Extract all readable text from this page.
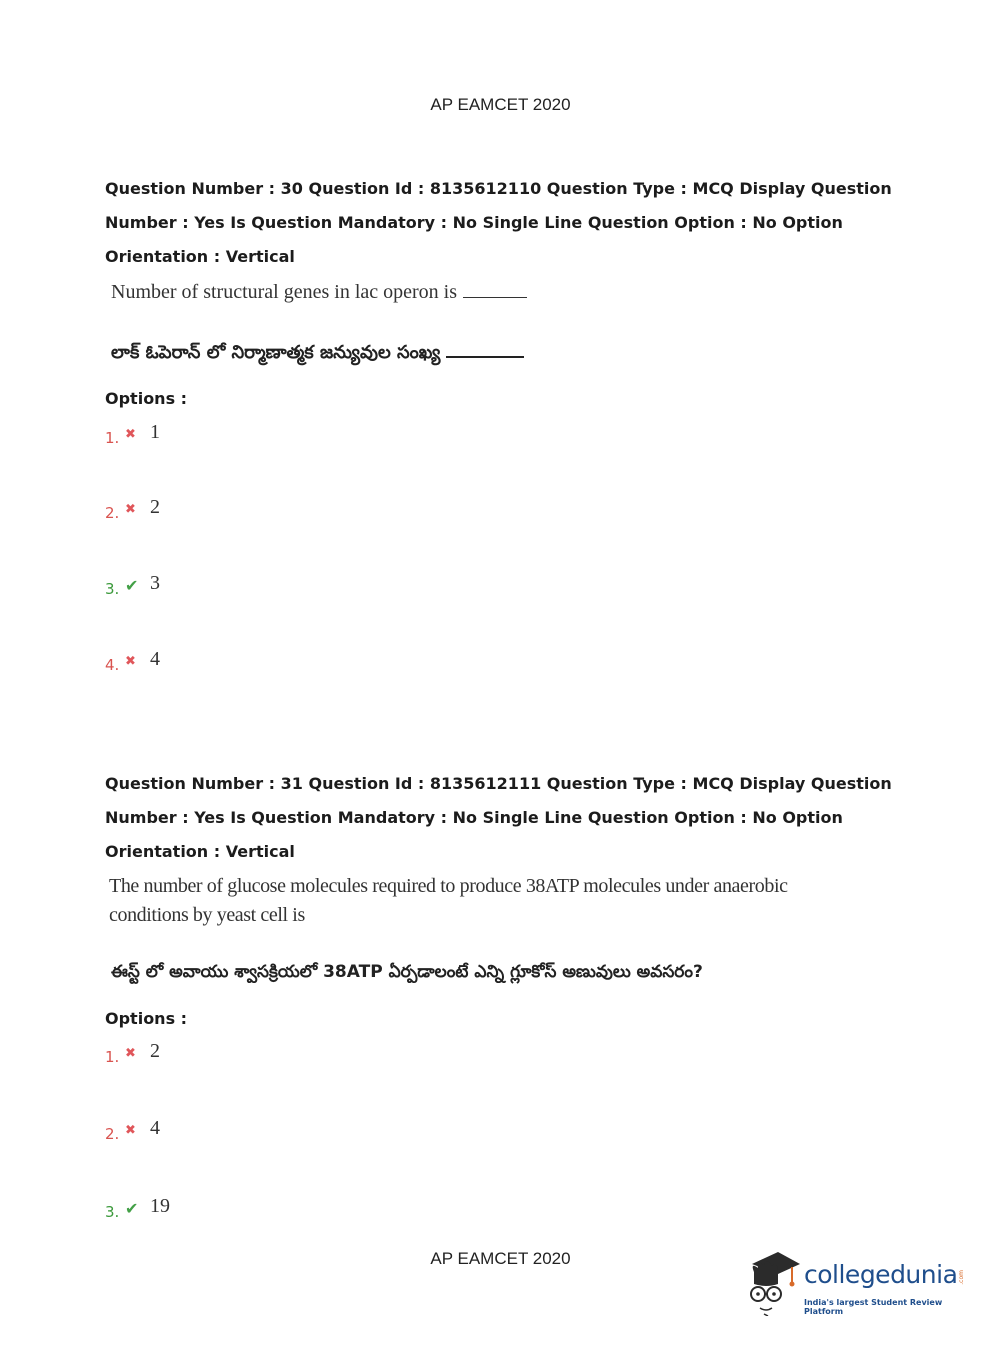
AP EAMCET 2020
Question Number : 30 Question Id : 8135612110 Question Type : MCQ Display Question
Number : Yes Is Question Mandatory : No Single Line Question Option : No Option
Orientation : Vertical
Number of structural genes in lac operon is
లాక్ ఓపెరాన్ లో నిర్మాణాత్మక జన్యువుల సంఖ్య
Options :
1. ✖ 1
2. ✖ 2
3. ✔ 3
4. ✖ 4
Question Number : 31 Question Id : 8135612111 Question Type : MCQ Display Question
Number : Yes Is Question Mandatory : No Single Line Question Option : No Option
Orientation : Vertical
The number of glucose molecules required to produce 38ATP molecules under anaerobic
conditions by yeast cell is
ఈస్ట్ లో అవాయు శ్వాసక్రియలో 38ATP ఏర్పడాలంటే ఎన్ని గ్లూకోస్ అణువులు అవసరం?
Options :
1. ✖ 2
2. ✖ 4
3. ✔ 19
AP EAMCET 2020
collegedunia .com
India's largest Student Review Platform
